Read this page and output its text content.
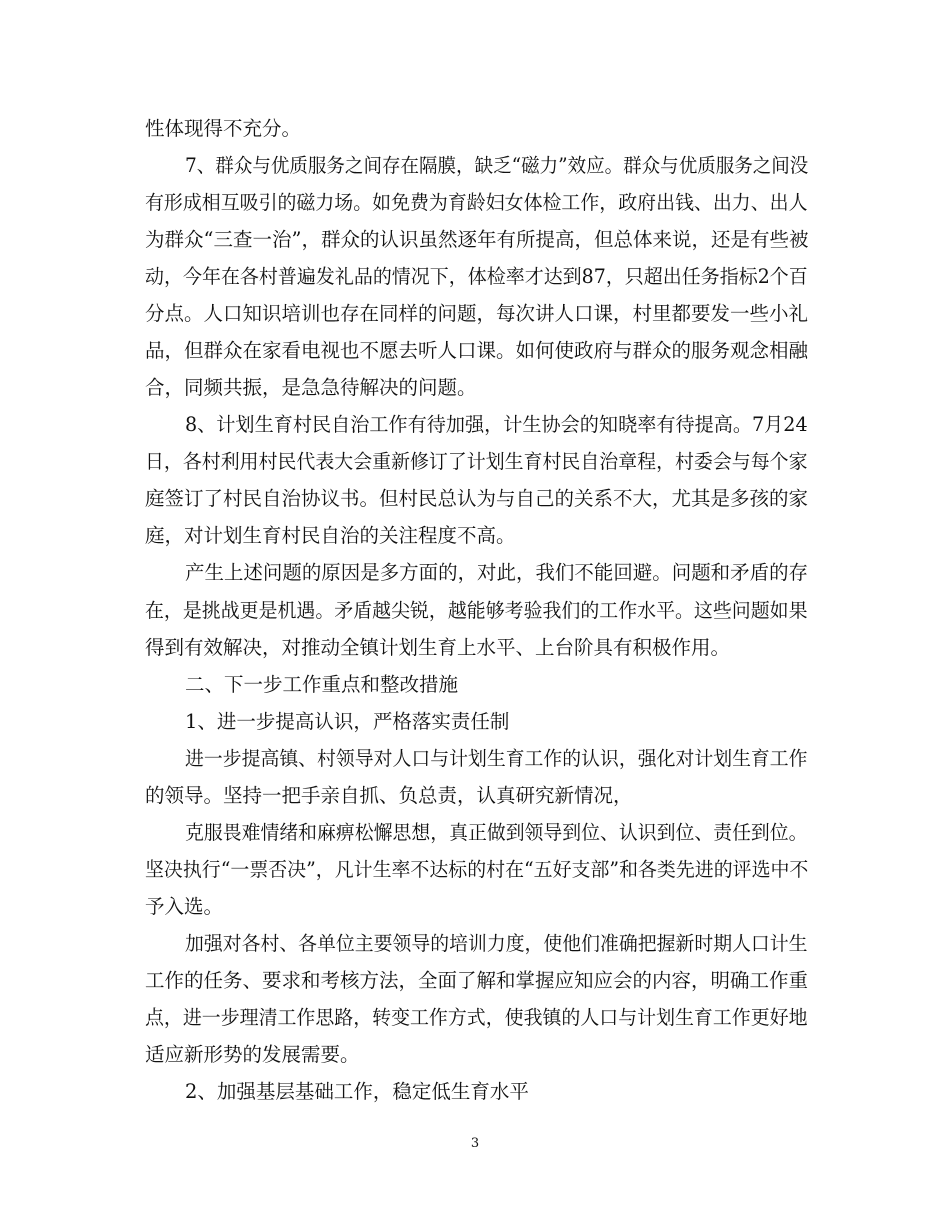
性体现得不充分。
7、群众与优质服务之间存在隔膜，缺乏“磁力”效应。群众与优质服务之间没
有形成相互吸引的磁力场。如免费为育龄妇女体检工作，政府出钱、出力、出人
为群众“三查一治”，群众的认识虽然逐年有所提高，但总体来说，还是有些被
动，今年在各村普遍发礼品的情况下，体检率才达到87，只超出任务指标2个百
分点。人口知识培训也存在同样的问题，每次讲人口课，村里都要发一些小礼
品，但群众在家看电视也不愿去听人口课。如何使政府与群众的服务观念相融
合，同频共振，是急急待解决的问题。
8、计划生育村民自治工作有待加强，计生协会的知晓率有待提高。7月24
日，各村利用村民代表大会重新修订了计划生育村民自治章程，村委会与每个家
庭签订了村民自治协议书。但村民总认为与自己的关系不大，尤其是多孩的家
庭，对计划生育村民自治的关注程度不高。
产生上述问题的原因是多方面的，对此，我们不能回避。问题和矛盾的存
在，是挑战更是机遇。矛盾越尖锐，越能够考验我们的工作水平。这些问题如果
得到有效解决，对推动全镇计划生育上水平、上台阶具有积极作用。
二、下一步工作重点和整改措施
1、进一步提高认识，严格落实责任制
进一步提高镇、村领导对人口与计划生育工作的认识，强化对计划生育工作
的领导。坚持一把手亲自抓、负总责，认真研究新情况，
克服畏难情绪和麻痹松懈思想，真正做到领导到位、认识到位、责任到位。
坚决执行“一票否决”，凡计生率不达标的村在“五好支部”和各类先进的评选中不
予入选。
加强对各村、各单位主要领导的培训力度，使他们准确把握新时期人口计生
工作的任务、要求和考核方法，全面了解和掌握应知应会的内容，明确工作重
点，进一步理清工作思路，转变工作方式，使我镇的人口与计划生育工作更好地
适应新形势的发展需要。
2、加强基层基础工作，稳定低生育水平
3
